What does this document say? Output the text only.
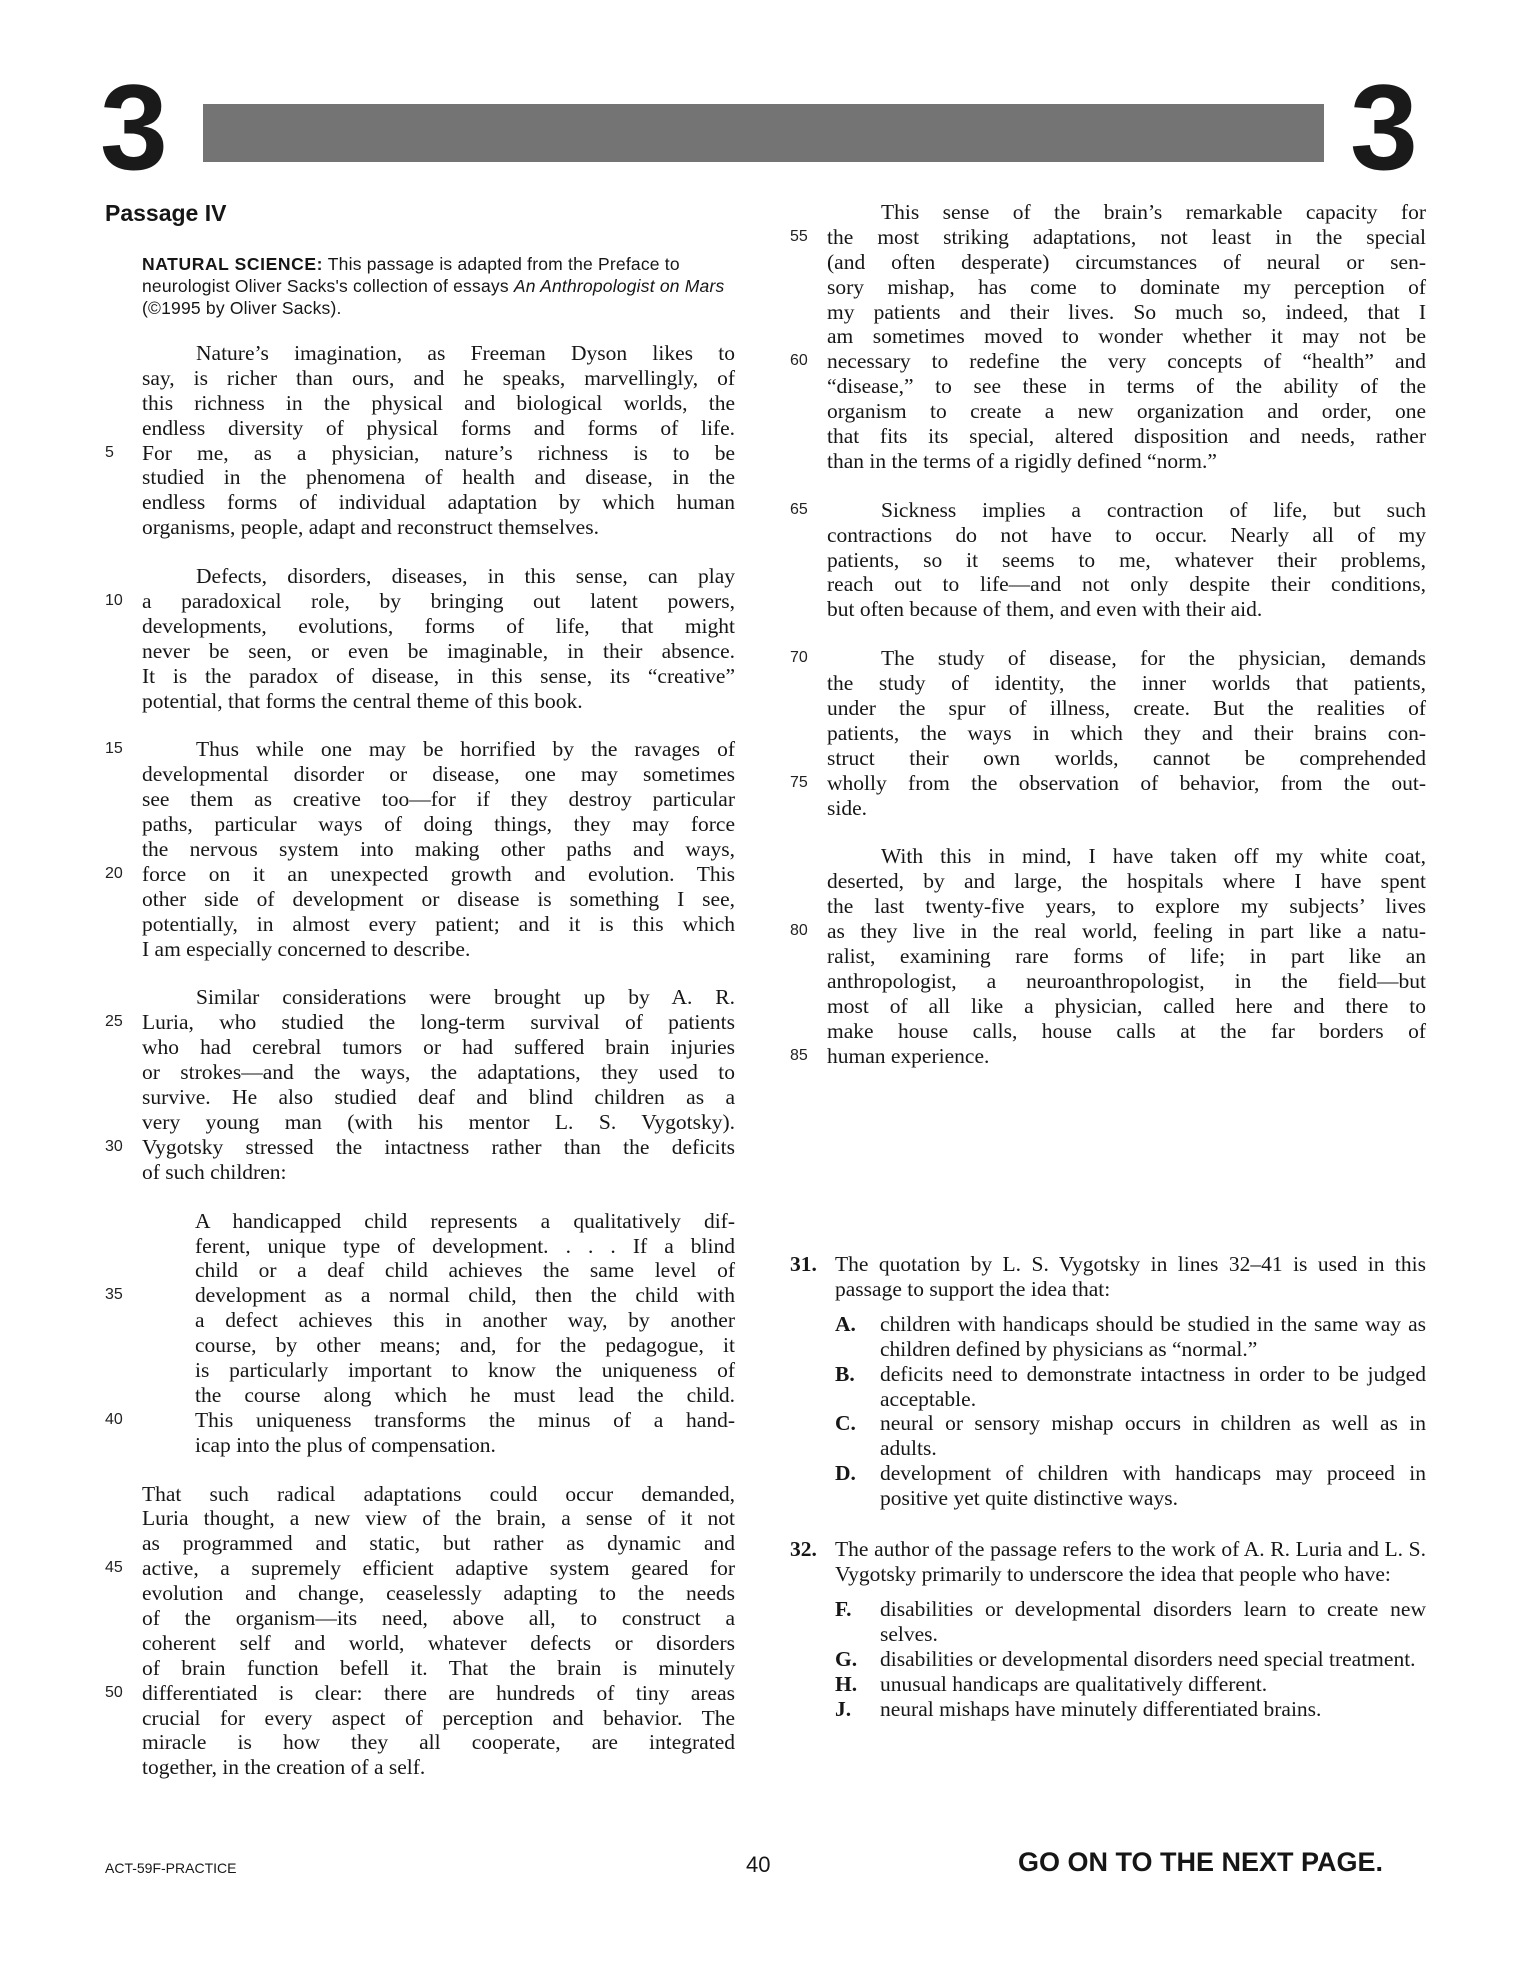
3	3
Passage IV
NATURAL SCIENCE: This passage is adapted from the Preface to neurologist Oliver Sacks's collection of essays An Anthropologist on Mars (©1995 by Oliver Sacks).
Nature’s imagination, as Freeman Dyson likes to
say, is richer than ours, and he speaks, marvellingly, of
this richness in the physical and biological worlds, the
endless diversity of physical forms and forms of life.
5	For me, as a physician, nature’s richness is to be
studied in the phenomena of health and disease, in the
endless forms of individual adaptation by which human
organisms, people, adapt and reconstruct themselves.
Defects, disorders, diseases, in this sense, can play
10 a paradoxical role, by bringing out latent powers,
developments, evolutions, forms of life, that might
never be seen, or even be imaginable, in their absence.
It is the paradox of disease, in this sense, its “creative”
potential, that forms the central theme of this book.
15	Thus while one may be horrified by the ravages of
developmental disorder or disease, one may sometimes
see them as creative too—for if they destroy particular
paths, particular ways of doing things, they may force
the nervous system into making other paths and ways,
20 force on it an unexpected growth and evolution. This
other side of development or disease is something I see,
potentially, in almost every patient; and it is this which
I am especially concerned to describe.
Similar considerations were brought up by A. R.
25 Luria, who studied the long-term survival of patients
who had cerebral tumors or had suffered brain injuries
or strokes—and the ways, the adaptations, they used to
survive. He also studied deaf and blind children as a
very young man (with his mentor L. S. Vygotsky).
30 Vygotsky stressed the intactness rather than the deficits
of such children:
A handicapped child represents a qualitatively dif-
ferent, unique type of development. . . . If a blind
child or a deaf child achieves the same level of
35	development as a normal child, then the child with
a defect achieves this in another way, by another
course, by other means; and, for the pedagogue, it
is particularly important to know the uniqueness of
the course along which he must lead the child.
40	This uniqueness transforms the minus of a hand-
icap into the plus of compensation.
That such radical adaptations could occur demanded,
Luria thought, a new view of the brain, a sense of it not
as programmed and static, but rather as dynamic and
45 active, a supremely efficient adaptive system geared for
evolution and change, ceaselessly adapting to the needs
of the organism—its need, above all, to construct a
coherent self and world, whatever defects or disorders
of brain function befell it. That the brain is minutely
50 differentiated is clear: there are hundreds of tiny areas
crucial for every aspect of perception and behavior. The
miracle is how they all cooperate, are integrated
together, in the creation of a self.
This sense of the brain’s remarkable capacity for
55 the most striking adaptations, not least in the special
(and often desperate) circumstances of neural or sen-
sory mishap, has come to dominate my perception of
my patients and their lives. So much so, indeed, that I
am sometimes moved to wonder whether it may not be
60 necessary to redefine the very concepts of “health” and
“disease,” to see these in terms of the ability of the
organism to create a new organization and order, one
that fits its special, altered disposition and needs, rather
than in the terms of a rigidly defined “norm.”
65	Sickness implies a contraction of life, but such
contractions do not have to occur. Nearly all of my
patients, so it seems to me, whatever their problems,
reach out to life—and not only despite their conditions,
but often because of them, and even with their aid.
70	The study of disease, for the physician, demands
the study of identity, the inner worlds that patients,
under the spur of illness, create. But the realities of
patients, the ways in which they and their brains con-
struct their own worlds, cannot be comprehended
75 wholly from the observation of behavior, from the out-
side.
With this in mind, I have taken off my white coat,
deserted, by and large, the hospitals where I have spent
the last twenty-five years, to explore my subjects’ lives
80 as they live in the real world, feeling in part like a natu-
ralist, examining rare forms of life; in part like an
anthropologist, a neuroanthropologist, in the field—but
most of all like a physician, called here and there to
make house calls, house calls at the far borders of
85 human experience.
31. The quotation by L. S. Vygotsky in lines 32–41 is used in this passage to support the idea that:
A.	children with handicaps should be studied in the same way as children defined by physicians as “normal.”
B.	deficits need to demonstrate intactness in order to be judged acceptable.
C.	neural or sensory mishap occurs in children as well as in adults.
D.	development of children with handicaps may proceed in positive yet quite distinctive ways.
32. The author of the passage refers to the work of A. R. Luria and L. S. Vygotsky primarily to underscore the idea that people who have:
F.	disabilities or developmental disorders learn to create new selves.
G.	disabilities or developmental disorders need special treatment.
H.	unusual handicaps are qualitatively different.
J.	neural mishaps have minutely differentiated brains.
ACT-59F-PRACTICE	40	GO ON TO THE NEXT PAGE.
